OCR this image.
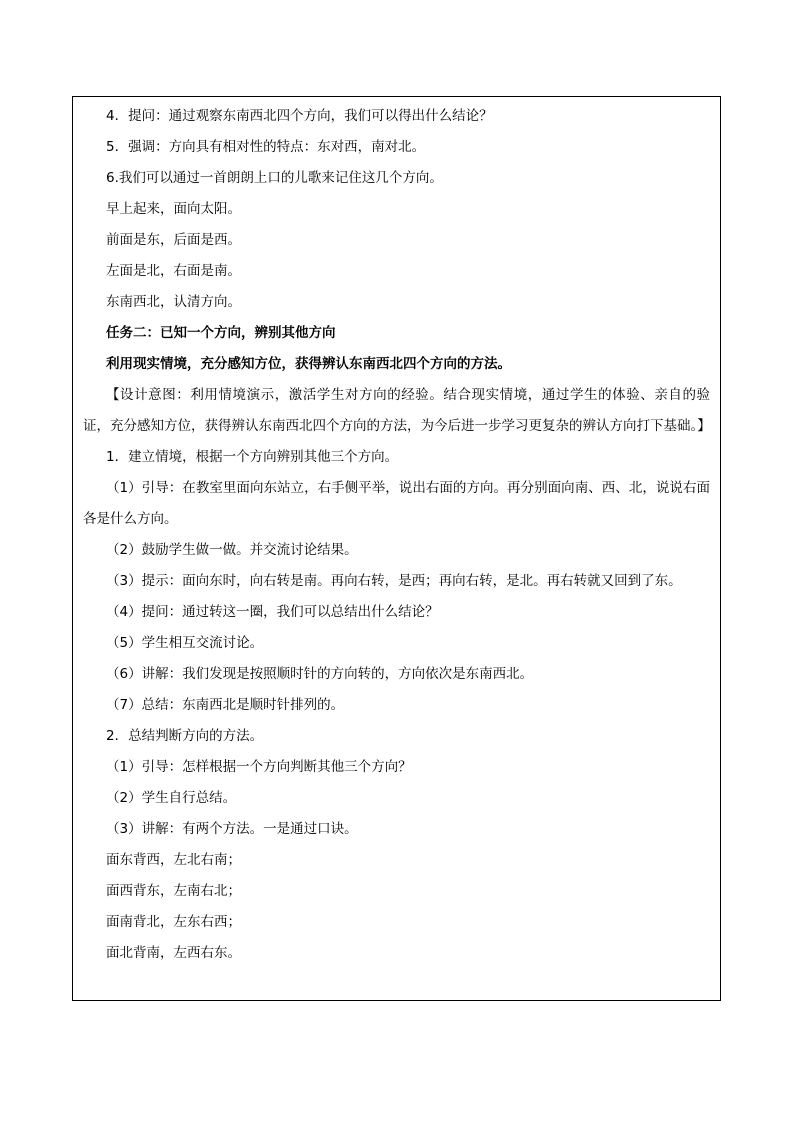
4．提问：通过观察东南西北四个方向，我们可以得出什么结论？
5．强调：方向具有相对性的特点：东对西，南对北。
6.我们可以通过一首朗朗上口的儿歌来记住这几个方向。
早上起来，面向太阳。
前面是东，后面是西。
左面是北，右面是南。
东南西北，认清方向。
任务二：已知一个方向，辨别其他方向
利用现实情境，充分感知方位，获得辨认东南西北四个方向的方法。
【设计意图：利用情境演示，激活学生对方向的经验。结合现实情境，通过学生的体验、亲自的验证，充分感知方位，获得辨认东南西北四个方向的方法，为今后进一步学习更复杂的辨认方向打下基础。】
1．建立情境，根据一个方向辨别其他三个方向。
（1）引导：在教室里面向东站立，右手侧平举，说出右面的方向。再分别面向南、西、北，说说右面各是什么方向。
（2）鼓励学生做一做。并交流讨论结果。
（3）提示：面向东时，向右转是南。再向右转，是西；再向右转，是北。再右转就又回到了东。
（4）提问：通过转这一圈，我们可以总结出什么结论？
（5）学生相互交流讨论。
（6）讲解：我们发现是按照顺时针的方向转的，方向依次是东南西北。
（7）总结：东南西北是顺时针排列的。
2．总结判断方向的方法。
（1）引导：怎样根据一个方向判断其他三个方向？
（2）学生自行总结。
（3）讲解：有两个方法。一是通过口诀。
面东背西，左北右南；
面西背东，左南右北；
面南背北，左东右西；
面北背南，左西右东。
